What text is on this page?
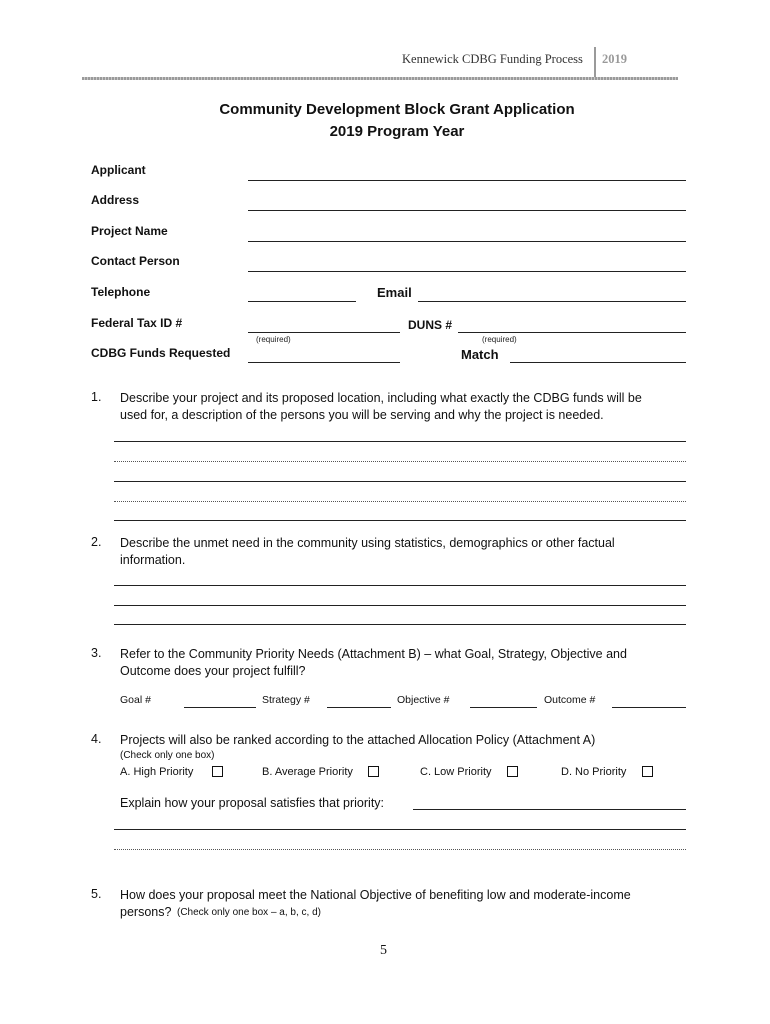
Kennewick CDBG Funding Process 2019
Community Development Block Grant Application
2019 Program Year
Applicant
Address
Project Name
Contact Person
Telephone	Email
Federal Tax ID #
(required)
DUNS #
(required)
CDBG Funds Requested	Match
1. Describe your project and its proposed location, including what exactly the CDBG funds will be
used for, a description of the persons you will be serving and why the project is needed.
2. Describe the unmet need in the community using statistics, demographics or other factual
information.
3. Refer to the Community Priority Needs (Attachment B) – what Goal, Strategy, Objective and
Outcome does your project fulfill?
Goal #	Strategy #	Objective #	Outcome #
4. Projects will also be ranked according to the attached Allocation Policy (Attachment A)
(Check only one box)
A. High Priority	B. Average Priority	C. Low Priority	D. No Priority
Explain how your proposal satisfies that priority:
5. How does your proposal meet the National Objective of benefiting low and moderate-income
persons? (Check only one box – a, b, c, d)
5
